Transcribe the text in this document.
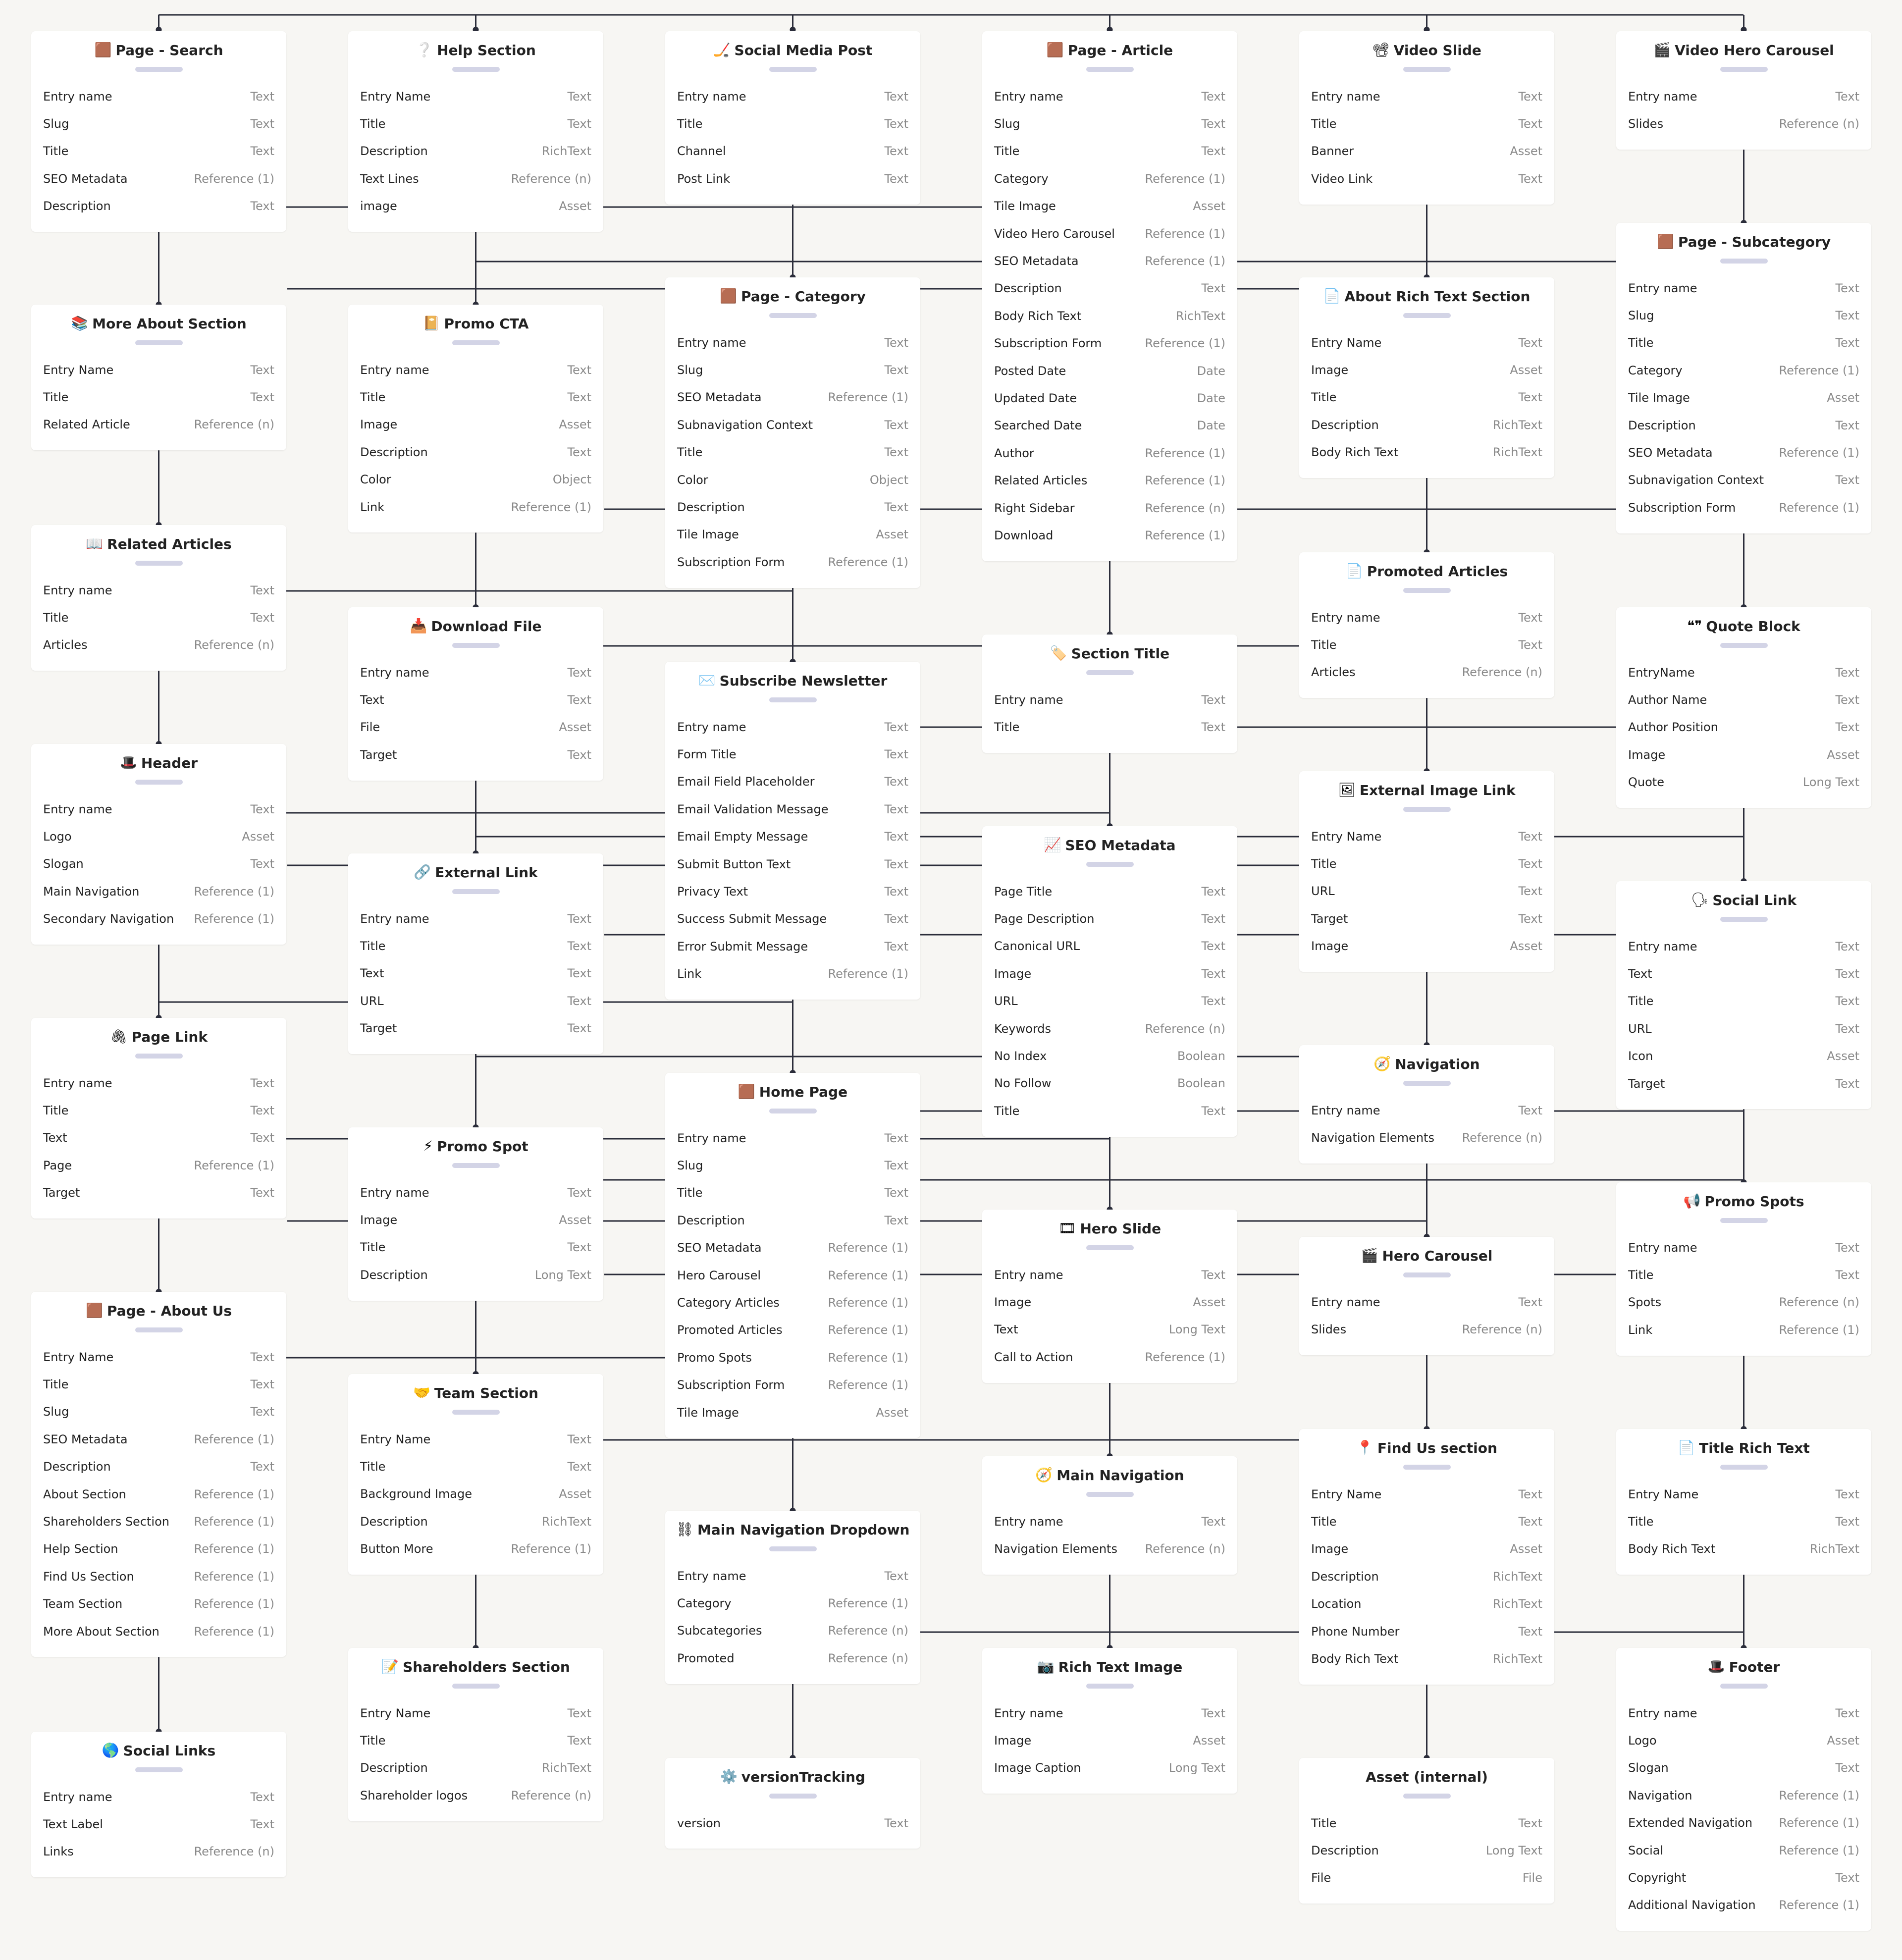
🟫 Page - Search
Entry name	Text
Slug	Text
Title	Text
SEO Metadata	Reference (1)
Description	Text
📚 More About Section
Entry Name	Text
Title	Text
Related Article	Reference (n)
📖 Related Articles
Entry name	Text
Title	Text
Articles	Reference (n)
🎩 Header
Entry name	Text
Logo	Asset
Slogan	Text
Main Navigation	Reference (1)
Secondary Navigation Reference (1)
🖇 Page Link
Entry name	Text
Title	Text
Text	Text
Page	Reference (1)
Target	Text
🟫 Page - About Us
Entry Name	Text
Title	Text
Slug	Text
SEO Metadata	Reference (1)
Description	Text
About Section	Reference (1)
Shareholders Section Reference (1)
Help Section	Reference (1)
Find Us Section	Reference (1)
Team Section	Reference (1)
More About Section	Reference (1)
🌎 Social Links
Entry name	Text
Text Label	Text
Links	Reference (n)
❔ Help Section
Entry Name	Text
Title	Text
Description	RichText
Text Lines	Reference (n)
image	Asset
📔 Promo CTA
Entry name	Text
Title	Text
Image	Asset
Description	Text
Color	Object
Link	Reference (1)
📥 Download File
Entry name	Text
Text	Text
File	Asset
Target	Text
🔗 External Link
Entry name	Text
Title	Text
Text	Text
URL	Text
Target	Text
⚡ Promo Spot
Entry name	Text
Image	Asset
Title	Text
Description	Long Text
🤝 Team Section
Entry Name	Text
Title	Text
Background Image	Asset
Description	RichText
Button More	Reference (1)
📝 Shareholders Section
Entry Name	Text
Title	Text
Description	RichText
Shareholder logos	Reference (n)
🏒 Social Media Post
Entry name	Text
Title	Text
Channel	Text
Post Link	Text
🟫 Page - Category
Entry name	Text
Slug	Text
SEO Metadata	Reference (1)
Subnavigation Context	Text
Title	Text
Color	Object
Description	Text
Tile Image	Asset
Subscription Form	Reference (1)
✉️ Subscribe Newsletter
Entry name	Text
Form Title	Text
Email Field Placeholder	Text
Email Validation Message	Text
Email Empty Message	Text
Submit Button Text	Text
Privacy Text	Text
Success Submit Message	Text
Error Submit Message	Text
Link	Reference (1)
🟫 Home Page
Entry name	Text
Slug	Text
Title	Text
Description	Text
SEO Metadata	Reference (1)
Hero Carousel	Reference (1)
Category Articles	Reference (1)
Promoted Articles	Reference (1)
Promo Spots	Reference (1)
Subscription Form	Reference (1)
Tile Image	Asset
⛓ Main Navigation Dropdown
Entry name	Text
Category	Reference (1)
Subcategories	Reference (n)
Promoted	Reference (n)
⚙️ versionTracking
version	Text
🟫 Page - Article
Entry name	Text
Slug	Text
Title	Text
Category	Reference (1)
Tile Image	Asset
Video Hero Carousel	Reference (1)
SEO Metadata	Reference (1)
Description	Text
Body Rich Text	RichText
Subscription Form	Reference (1)
Posted Date	Date
Updated Date	Date
Searched Date	Date
Author	Reference (1)
Related Articles	Reference (1)
Right Sidebar	Reference (n)
Download	Reference (1)
🏷️ Section Title
Entry name	Text
Title	Text
📈 SEO Metadata
Page Title	Text
Page Description	Text
Canonical URL	Text
Image	Text
URL	Text
Keywords	Reference (n)
No Index	Boolean
No Follow	Boolean
Title	Text
🎞 Hero Slide
Entry name	Text
Image	Asset
Text	Long Text
Call to Action	Reference (1)
🧭 Main Navigation
Entry name	Text
Navigation Elements Reference (n)
📷 Rich Text Image
Entry name	Text
Image	Asset
Image Caption	Long Text
📽 Video Slide
Entry name	Text
Title	Text
Banner	Asset
Video Link	Text
📄 About Rich Text Section
Entry Name	Text
Image	Asset
Title	Text
Description	RichText
Body Rich Text	RichText
📄 Promoted Articles
Entry name	Text
Title	Text
Articles	Reference (n)
🖼 External Image Link
Entry Name	Text
Title	Text
URL	Text
Target	Text
Image	Asset
🧭 Navigation
Entry name	Text
Navigation Elements Reference (n)
🎬 Hero Carousel
Entry name	Text
Slides	Reference (n)
📍 Find Us section
Entry Name	Text
Title	Text
Image	Asset
Description	RichText
Location	RichText
Phone Number	Text
Body Rich Text	RichText
Asset (internal)
Title	Text
Description	Long Text
File	File
🎬 Video Hero Carousel
Entry name	Text
Slides	Reference (n)
🟫 Page - Subcategory
Entry name	Text
Slug	Text
Title	Text
Category	Reference (1)
Tile Image	Asset
Description	Text
SEO Metadata	Reference (1)
Subnavigation Context	Text
Subscription Form	Reference (1)
❝❞ Quote Block
EntryName	Text
Author Name	Text
Author Position	Text
Image	Asset
Quote	Long Text
🗣 Social Link
Entry name	Text
Text	Text
Title	Text
URL	Text
Icon	Asset
Target	Text
📢 Promo Spots
Entry name	Text
Title	Text
Spots	Reference (n)
Link	Reference (1)
📄 Title Rich Text
Entry Name	Text
Title	Text
Body Rich Text	RichText
🎩 Footer
Entry name	Text
Logo	Asset
Slogan	Text
Navigation	Reference (1)
Extended Navigation Reference (1)
Social	Reference (1)
Copyright	Text
Additional Navigation Reference (1)
